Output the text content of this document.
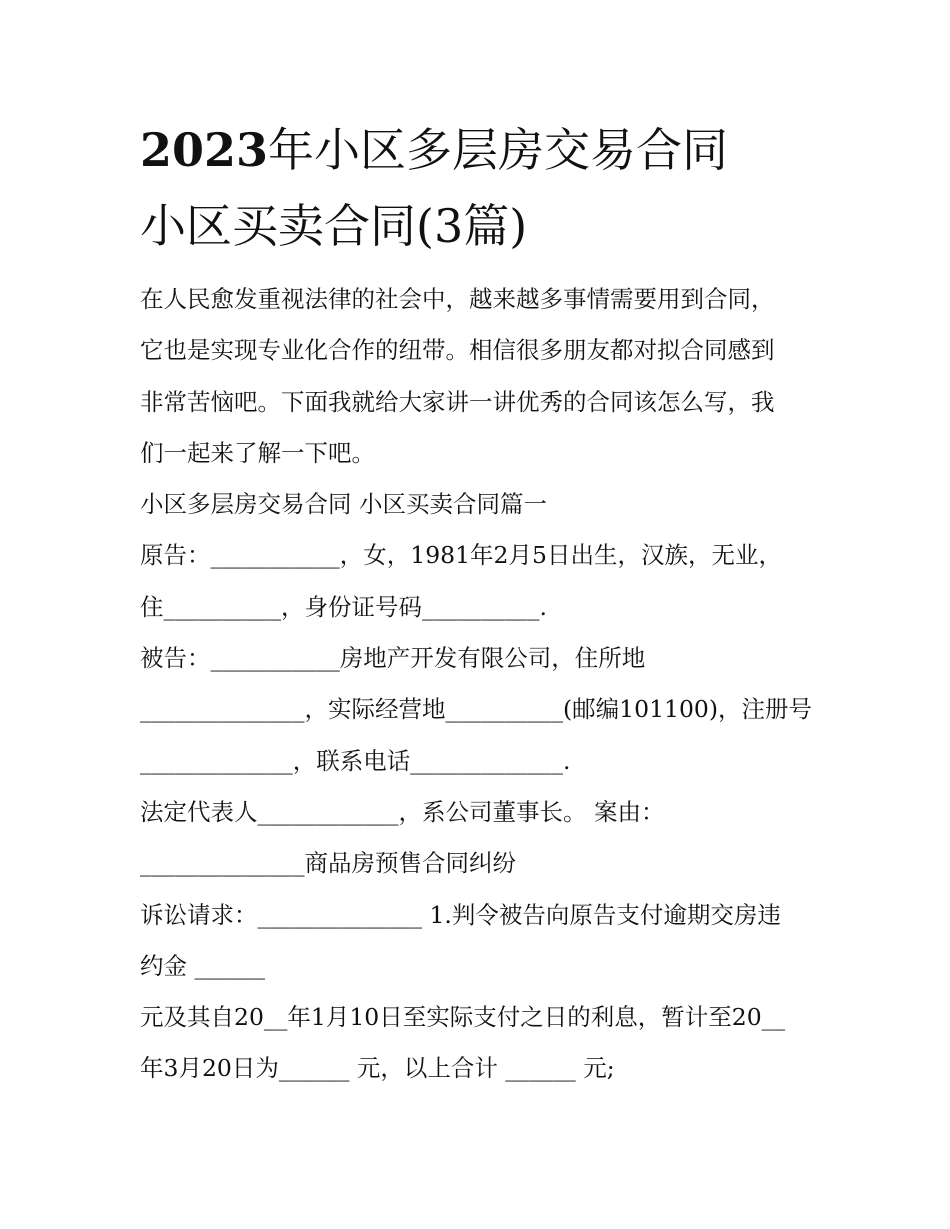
2023年小区多层房交易合同
小区买卖合同(3篇)

在人民愈发重视法律的社会中，越来越多事情需要用到合同，

它也是实现专业化合作的纽带。相信很多朋友都对拟合同感到

非常苦恼吧。下面我就给大家讲一讲优秀的合同该怎么写，我

们一起来了解一下吧。

小区多层房交易合同 小区买卖合同篇一

原告：___________，女，1981年2月5日出生，汉族，无业，

住__________，身份证号码__________.

被告：___________房地产开发有限公司，住所地

______________，实际经营地__________(邮编101100)，注册号

_____________，联系电话_____________.

法定代表人____________，系公司董事长。 案由：

______________商品房预售合同纠纷

诉讼请求：______________ 1.判令被告向原告支付逾期交房违

约金 ______

元及其自20__年1月10日至实际支付之日的利息，暂计至20__

年3月20日为______ 元，以上合计 ______ 元;
